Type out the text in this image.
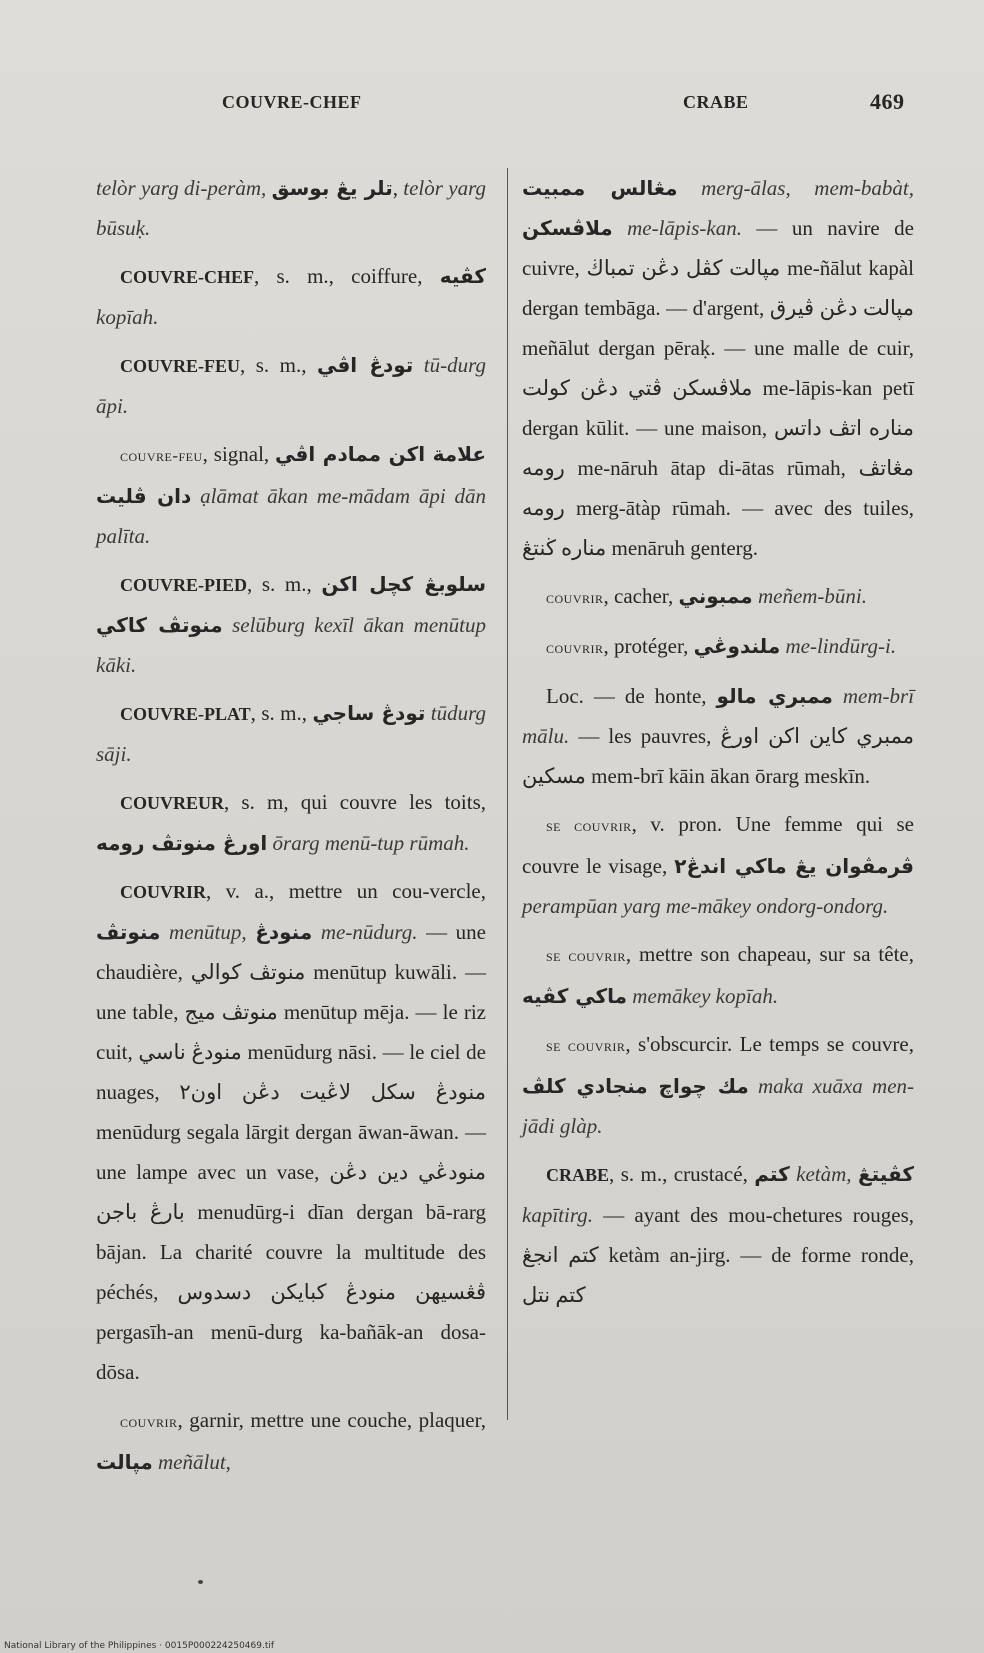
COUVRE-CHEF	CRABE	469

telòr yarg di-peràm, تلر يڠ بوسق, telòr yarg būsuḳ.

COUVRE-CHEF, s. m., coiffure, كڤيه kopīah.

COUVRE-FEU, s. m., تودڠ اڤي tū-durg āpi.

couvre-feu, signal, علامة اكن ممادم اڤي دان ڤليت ạlāmat ākan me-mādam āpi dān palīta.

COUVRE-PIED, s. m., سلوبڠ كچل اكن منوتڤ كاكي selūburg kexīl ākan menūtup kāki.

COUVRE-PLAT, s. m., تودڠ ساجي tūdurg sāji.

COUVREUR, s. m, qui couvre les toits, اورڠ منوتڤ رومه ōrarg menū-tup rūmah.

COUVRIR, v. a., mettre un cou-vercle, منوتڤ menūtup, منودڠ me-nūdurg. — une chaudière, منوتڤ كوالي menūtup kuwāli. — une table, منوتڤ ميج menūtup mēja. — le riz cuit, منودڠ ناسي menūdurg nāsi. — le ciel de nuages, منودڠ سكل لاڠيت دڠن اون٢ menūdurg segala lārgit dergan āwan-āwan. — une lampe avec un vase, منودڠي دين دڠن بارڠ باجن menudūrg-i dīan dergan bā-rarg bājan. La charité couvre la multitude des péchés, ڤڠسيهن منودڠ كبايكن دسدوس pergasīh-an menū-durg ka-bañāk-an dosa-dōsa.

couvrir, garnir, mettre une couche, plaquer, مپالت meñālut,

مڠالس ممبيت merg-ālas, mem-babàt, ملاڤسكن me-lāpis-kan. — un navire de cuivre, مپالت كڤل دڠن تمباڬ me-ñālut kapàl dergan tembāga. — d'argent, مپالت دڠن ڤيرق meñālut dergan pēraḳ. — une malle de cuir, ملاڤسكن ڤتي دڠن كولت me-lāpis-kan petī dergan kūlit. — une maison, مناره اتڤ داتس رومه me-nāruh ātap di-ātas rūmah, مڠاتڤ رومه merg-ātàp rūmah. — avec des tuiles, مناره ڬنتڠ menāruh genterg.

couvrir, cacher, ممبوني meñem-būni.

couvrir, protéger, ملندوڠي me-lindūrg-i.

Loc. — de honte, ممبري مالو mem-brī mālu. — les pauvres, ممبري كاين اكن اورڠ مسكين mem-brī kāin ākan ōrarg meskīn.

se couvrir, v. pron. Une femme qui se couvre le visage, ڤرمڤوان يڠ ماكي اندڠ٢ perampūan yarg me-mākey ondorg-ondorg.

se couvrir, mettre son chapeau, sur sa tête, ماكي كڤيه memākey kopīah.

se couvrir, s'obscurcir. Le temps se couvre, مك چواچ منجادي كلڤ maka xuāxa men-jādi glàp.

CRABE, s. m., crustacé, كتم ketàm, كڤيتڠ kapītirg. — ayant des mou-chetures rouges, كتم انجڠ ketàm an-jirg. — de forme ronde, كتم نتل

National Library of the Philippines · 0015P000224250469.tif
